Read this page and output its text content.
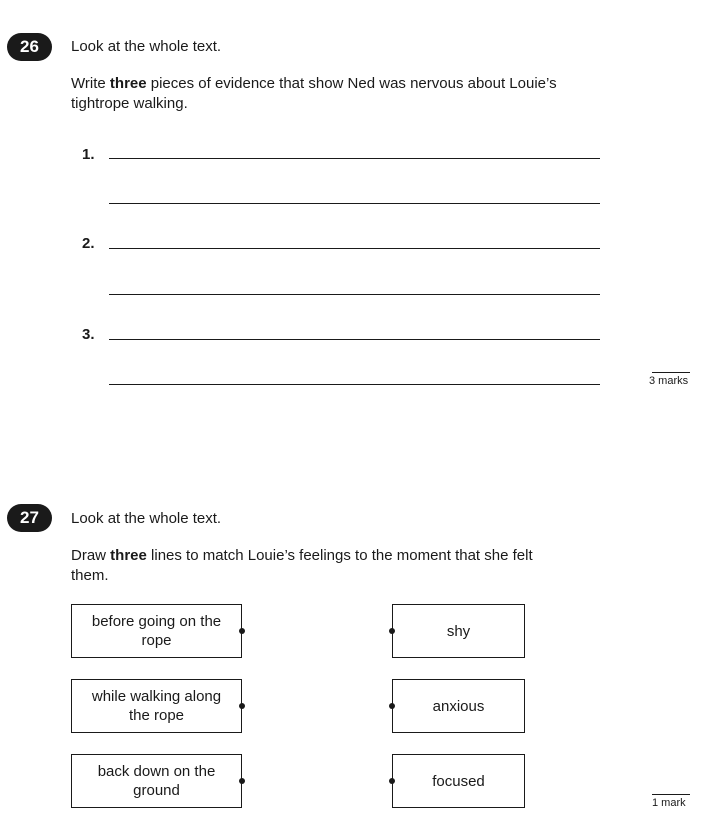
26	Look at the whole text.
Write three pieces of evidence that show Ned was nervous about Louie’s tightrope walking.
1.
2.
3.
3 marks
27	Look at the whole text.
Draw three lines to match Louie’s feelings to the moment that she felt them.
before going on the rope
while walking along the rope
back down on the ground
shy
anxious
focused
1 mark
